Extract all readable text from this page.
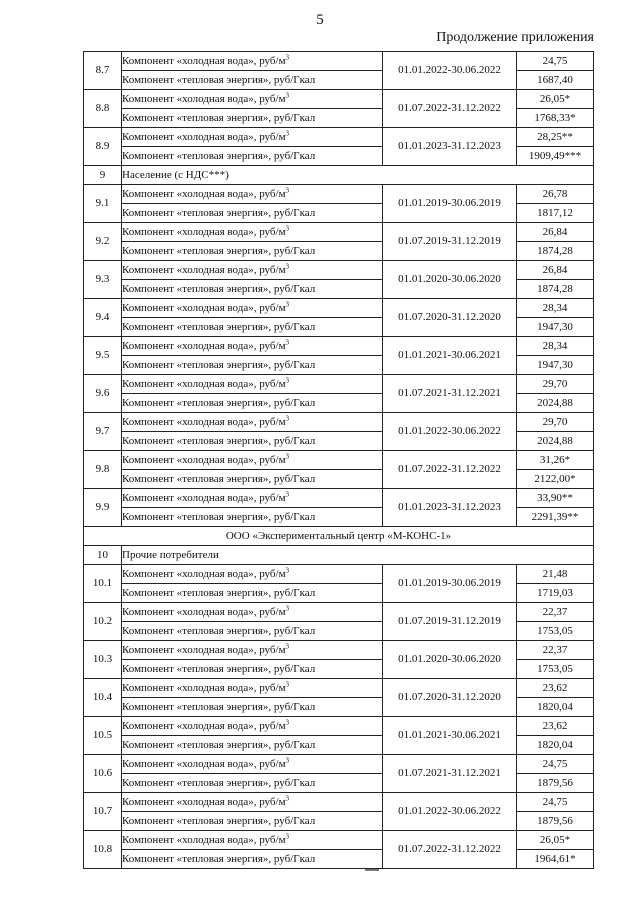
5
Продолжение приложения
8.7	Компонент «холодная вода», руб/$м^3$	01.01.2022-30.06.2022	24,75
	Компонент «тепловая энергия», руб/Гкал		1687,40
8.8	Компонент «холодная вода», руб/$м^3$	01.07.2022-31.12.2022	26,05*
	Компонент «тепловая энергия», руб/Гкал		1768,33*
8.9	Компонент «холодная вода», руб/$м^3$	01.01.2023-31.12.2023	28,25**
	Компонент «тепловая энергия», руб/Гкал		1909,49***
9	Население (с НДС***)		
9.1	Компонент «холодная вода», руб/$м^3$	01.01.2019-30.06.2019	26,78
	Компонент «тепловая энергия», руб/Гкал		1817,12
9.2	Компонент «холодная вода», руб/$м^3$	01.07.2019-31.12.2019	26,84
	Компонент «тепловая энергия», руб/Гкал		1874,28
9.3	Компонент «холодная вода», руб/$м^3$	01.01.2020-30.06.2020	26,84
	Компонент «тепловая энергия», руб/Гкал		1874,28
9.4	Компонент «холодная вода», руб/$м^3$	01.07.2020-31.12.2020	28,34
	Компонент «тепловая энергия», руб/Гкал		1947,30
9.5	Компонент «холодная вода», руб/$м^3$	01.01.2021-30.06.2021	28,34
	Компонент «тепловая энергия», руб/Гкал		1947,30
9.6	Компонент «холодная вода», руб/$м^3$	01.07.2021-31.12.2021	29,70
	Компонент «тепловая энергия», руб/Гкал		2024,88
9.7	Компонент «холодная вода», руб/$м^3$	01.01.2022-30.06.2022	29,70
	Компонент «тепловая энергия», руб/Гкал		2024,88
9.8	Компонент «холодная вода», руб/$м^3$	01.07.2022-31.12.2022	31,26*
	Компонент «тепловая энергия», руб/Гкал		2122,00*
9.9	Компонент «холодная вода», руб/$м^3$	01.01.2023-31.12.2023	33,90**
	Компонент «тепловая энергия», руб/Гкал		2291,39**
ООО «Экспериментальный центр «М-КОНС-1»			
10	Прочие потребители		
10.1	Компонент «холодная вода», руб/$м^3$	01.01.2019-30.06.2019	21,48
	Компонент «тепловая энергия», руб/Гкал		1719,03
10.2	Компонент «холодная вода», руб/$м^3$	01.07.2019-31.12.2019	22,37
	Компонент «тепловая энергия», руб/Гкал		1753,05
10.3	Компонент «холодная вода», руб/$м^3$	01.01.2020-30.06.2020	22,37
	Компонент «тепловая энергия», руб/Гкал		1753,05
10.4	Компонент «холодная вода», руб/$м^3$	01.07.2020-31.12.2020	23,62
	Компонент «тепловая энергия», руб/Гкал		1820,04
10.5	Компонент «холодная вода», руб/$м^3$	01.01.2021-30.06.2021	23,62
	Компонент «тепловая энергия», руб/Гкал		1820,04
10.6	Компонент «холодная вода», руб/$м^3$	01.07.2021-31.12.2021	24,75
	Компонент «тепловая энергия», руб/Гкал		1879,56
10.7	Компонент «холодная вода», руб/$м^3$	01.01.2022-30.06.2022	24,75
	Компонент «тепловая энергия», руб/Гкал		1879,56
10.8	Компонент «холодная вода», руб/$м^3$	01.07.2022-31.12.2022	26,05*
	Компонент «тепловая энергия», руб/Гкал		1964,61*
